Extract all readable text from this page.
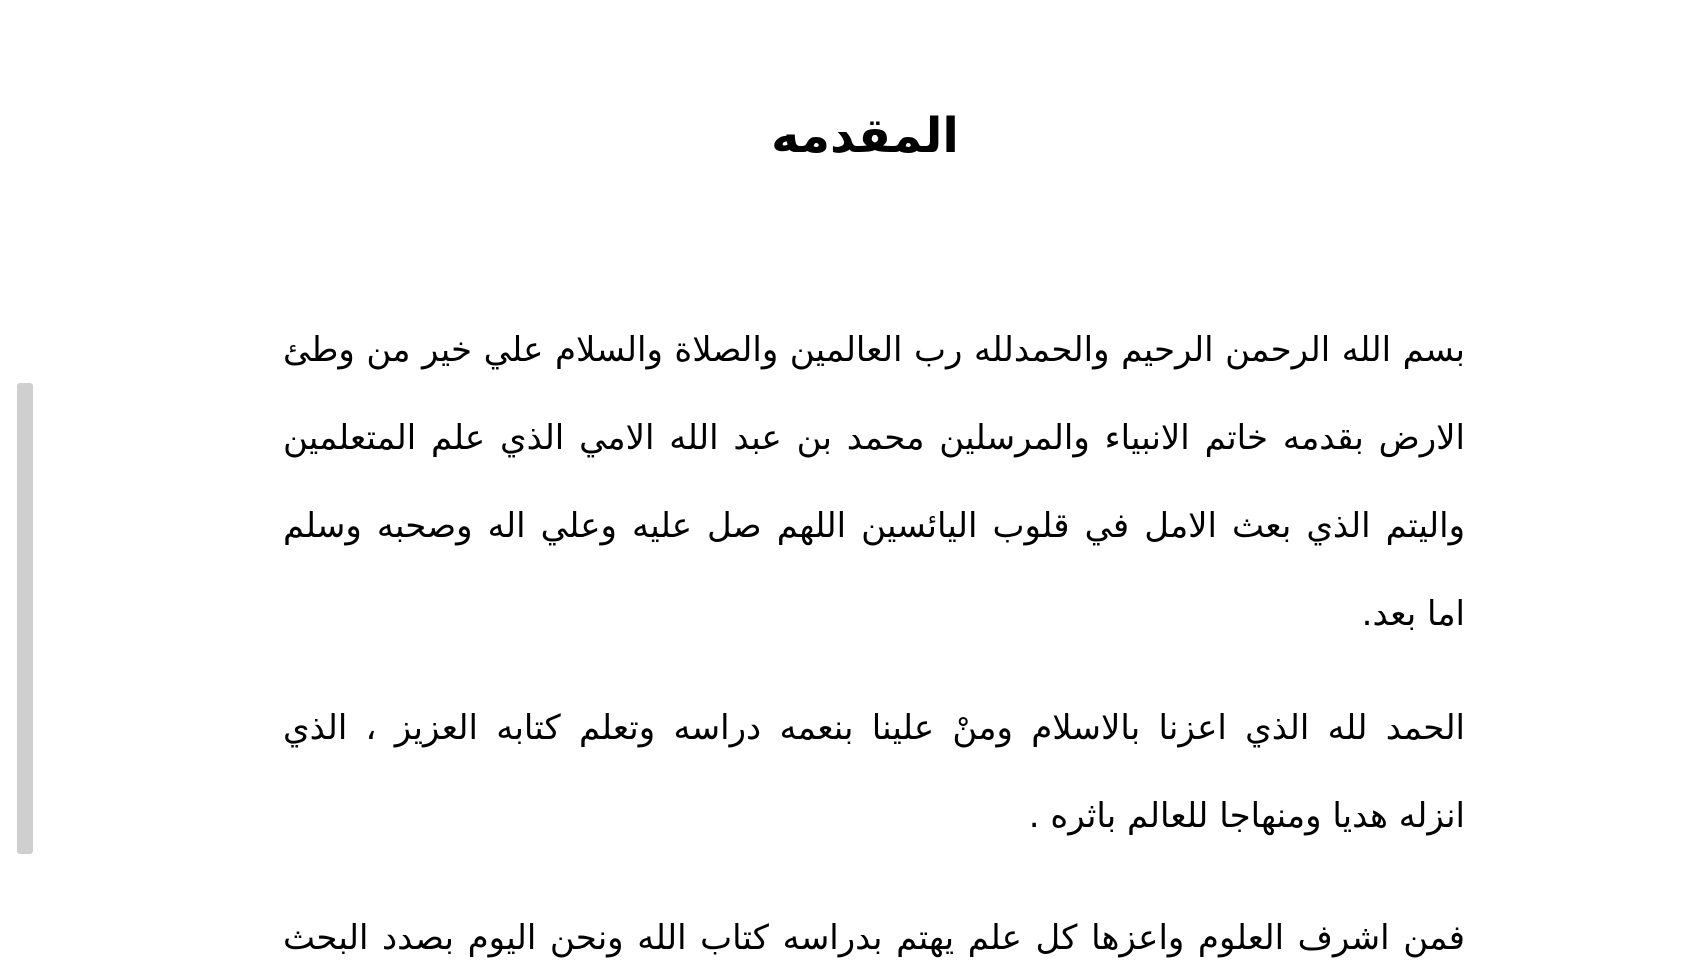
المقدمه
بسم الله الرحمن الرحيم والحمدلله رب العالمين والصلاة والسلام علي خير من وطئ
الارض بقدمه خاتم الانبياء والمرسلين محمد بن عبد الله الامي الذي علم المتعلمين
واليتم الذي بعث الامل في قلوب اليائسين اللهم صل عليه وعلي اله وصحبه وسلم
اما بعد.
الحمد لله الذي اعزنا بالاسلام ومنْ علينا بنعمه دراسه وتعلم كتابه العزيز ، الذي
انزله هديا ومنهاجا للعالم باثره .
فمن اشرف العلوم واعزها كل علم يهتم بدراسه كتاب الله ونحن اليوم بصدد البحث
